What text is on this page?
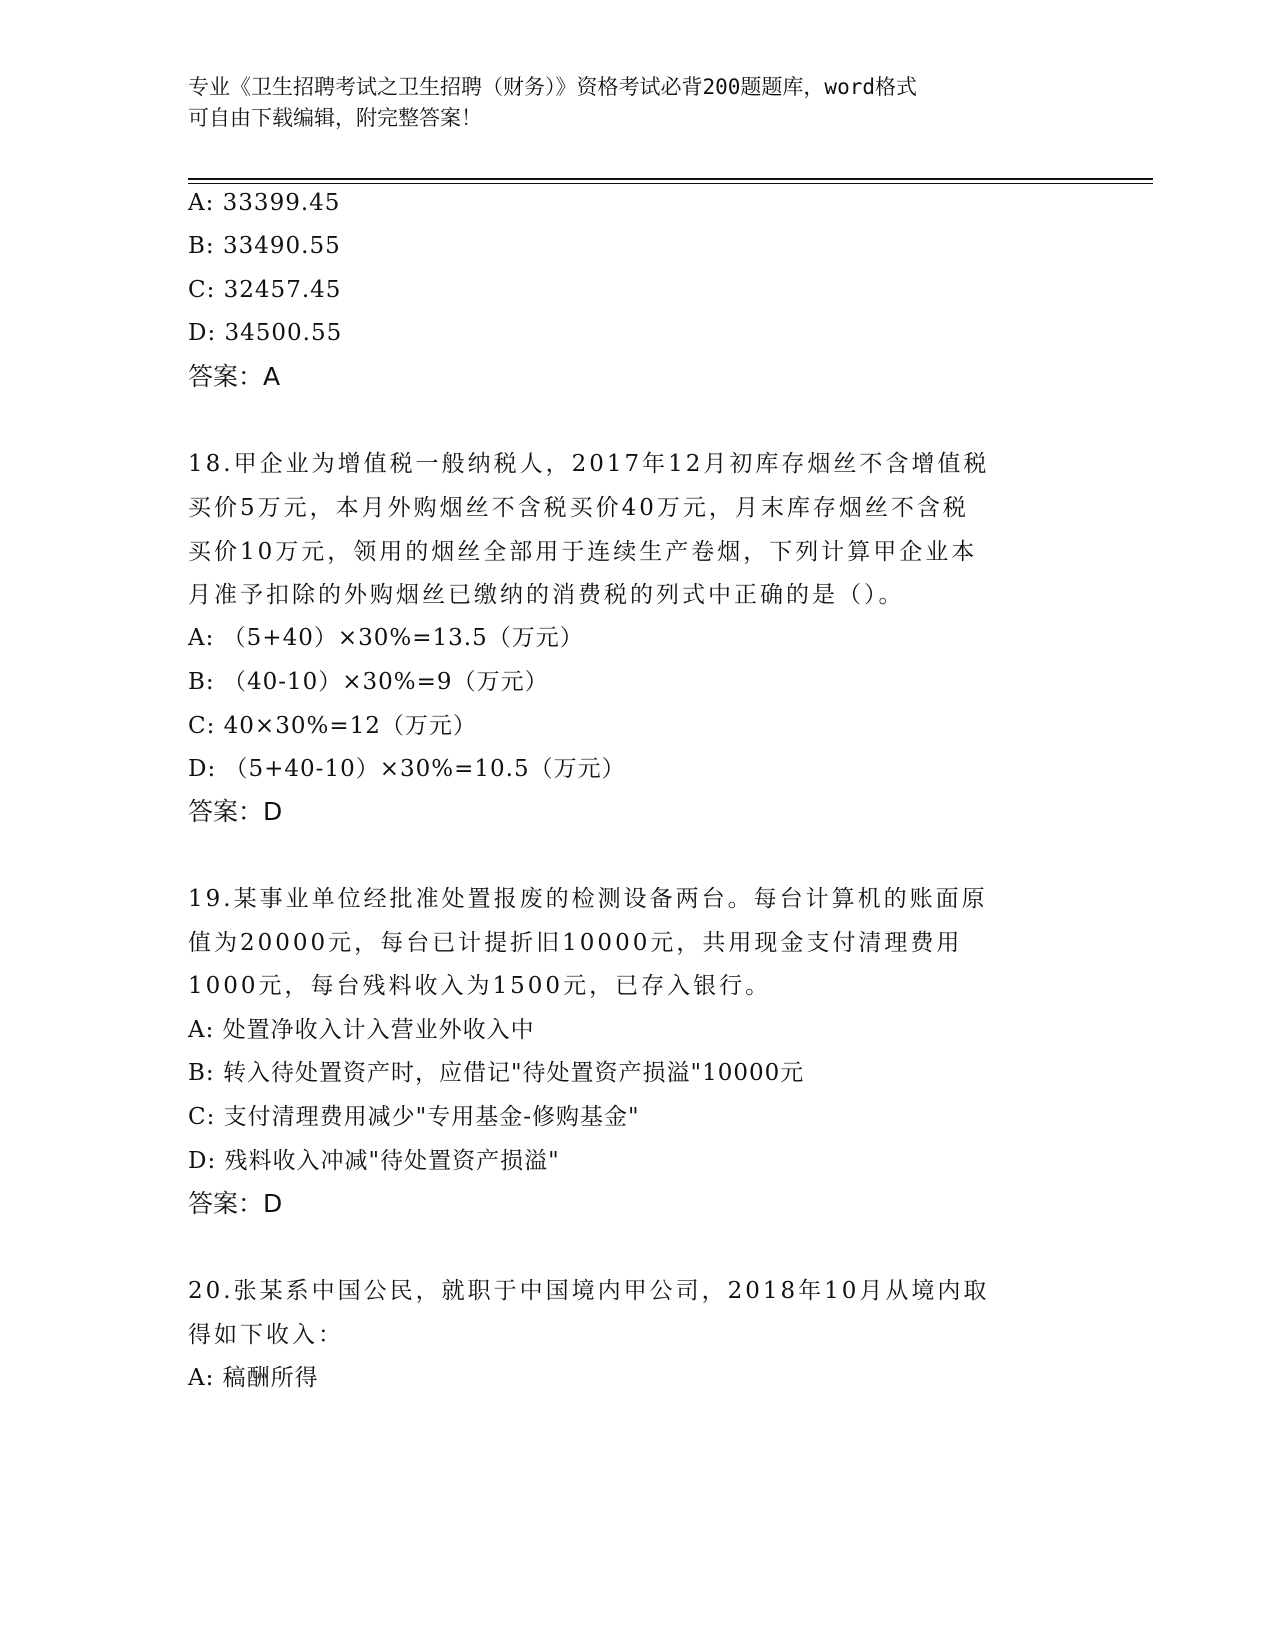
专业《卫生招聘考试之卫生招聘（财务）》资格考试必背200题题库，word格式
可自由下载编辑，附完整答案！
A: 33399.45
B: 33490.55
C: 32457.45
D: 34500.55
答案：A
18.甲企业为增值税一般纳税人，2017年12月初库存烟丝不含增值税
买价5万元，本月外购烟丝不含税买价40万元，月末库存烟丝不含税
买价10万元，领用的烟丝全部用于连续生产卷烟，下列计算甲企业本
月准予扣除的外购烟丝已缴纳的消费税的列式中正确的是（）。
A: （5+40）×30%=13.5（万元）
B: （40-10）×30%=9（万元）
C: 40×30%=12（万元）
D: （5+40-10）×30%=10.5（万元）
答案：D
19.某事业单位经批准处置报废的检测设备两台。每台计算机的账面原
值为20000元，每台已计提折旧10000元，共用现金支付清理费用
1000元，每台残料收入为1500元，已存入银行。
A: 处置净收入计入营业外收入中
B: 转入待处置资产时，应借记"待处置资产损溢"10000元
C: 支付清理费用减少"专用基金-修购基金"
D: 残料收入冲减"待处置资产损溢"
答案：D
20.张某系中国公民，就职于中国境内甲公司，2018年10月从境内取
得如下收入：
A: 稿酬所得
